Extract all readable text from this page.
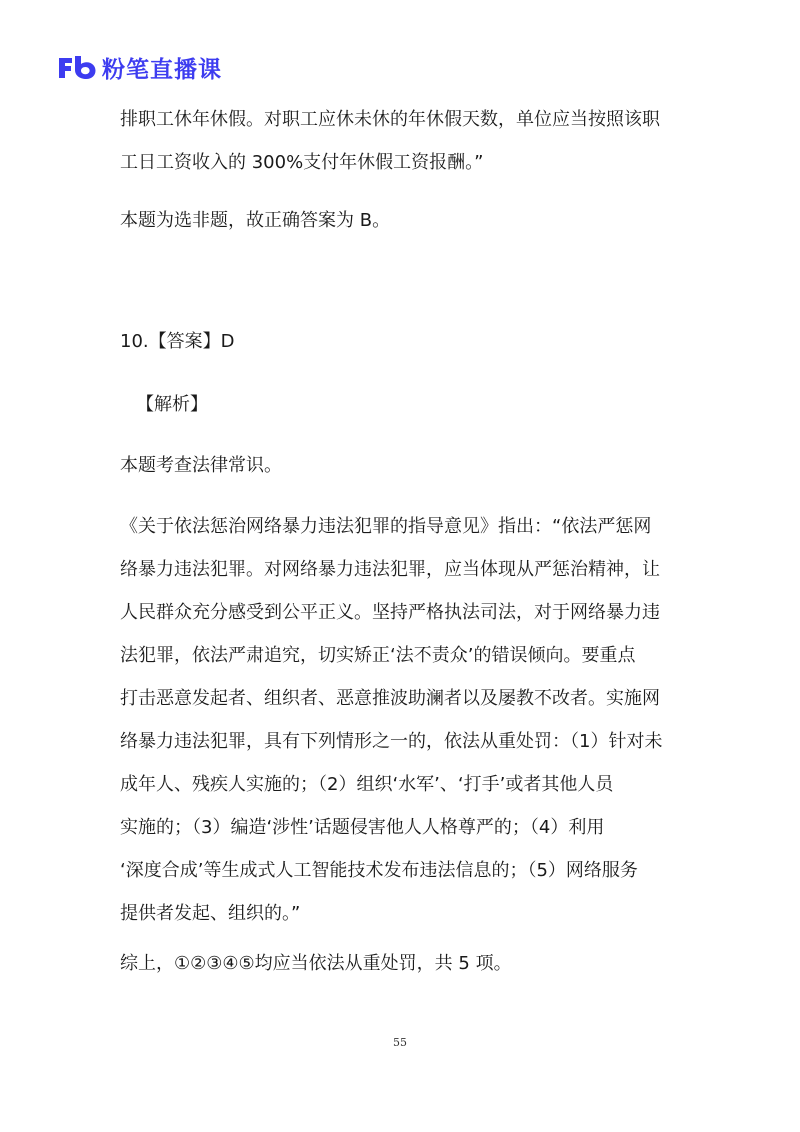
粉笔直播课

排职工休年休假。对职工应休未休的年休假天数，单位应当按照该职

工日工资收入的 300%支付年休假工资报酬。”

本题为选非题，故正确答案为 B。

10.【答案】D

【解析】

本题考查法律常识。

《关于依法惩治网络暴力违法犯罪的指导意见》指出：“依法严惩网

络暴力违法犯罪。对网络暴力违法犯罪，应当体现从严惩治精神，让

人民群众充分感受到公平正义。坚持严格执法司法，对于网络暴力违

法犯罪，依法严肃追究，切实矫正‘法不责众’的错误倾向。要重点

打击恶意发起者、组织者、恶意推波助澜者以及屡教不改者。实施网

络暴力违法犯罪，具有下列情形之一的，依法从重处罚：（1）针对未

成年人、残疾人实施的；（2）组织‘水军’、‘打手’或者其他人员

实施的；（3）编造‘涉性’话题侵害他人人格尊严的；（4）利用

‘深度合成’等生成式人工智能技术发布违法信息的；（5）网络服务

提供者发起、组织的。”

综上，①②③④⑤均应当依法从重处罚，共 5 项。

55
